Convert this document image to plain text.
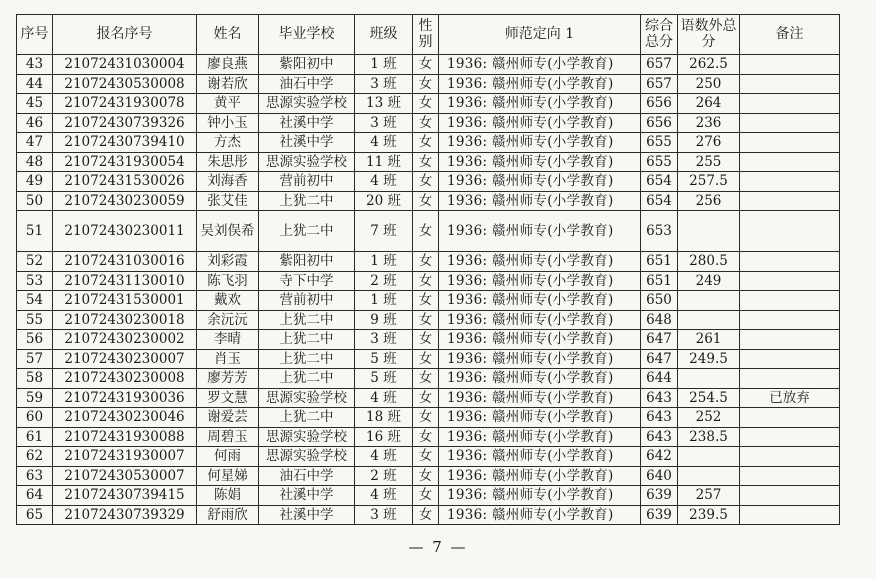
序号	报名序号	姓名	毕业学校	班级	性别	师范定向 1	综合总分	语数外总分	备注
43	21072431030004	廖良燕	紫阳初中	1 班	女	1936: 赣州师专(小学教育)	657	262.5	
44	21072430530008	谢若欣	油石中学	3 班	女	1936: 赣州师专(小学教育)	657	250	
45	21072431930078	黄平	思源实验学校	13 班	女	1936: 赣州师专(小学教育)	656	264	
46	21072430739326	钟小玉	社溪中学	3 班	女	1936: 赣州师专(小学教育)	656	236	
47	21072430739410	方杰	社溪中学	4 班	女	1936: 赣州师专(小学教育)	655	276	
48	21072431930054	朱思彤	思源实验学校	11 班	女	1936: 赣州师专(小学教育)	655	255	
49	21072431530026	刘海香	营前初中	4 班	女	1936: 赣州师专(小学教育)	654	257.5	
50	21072430230059	张艾佳	上犹二中	20 班	女	1936: 赣州师专(小学教育)	654	256	
51	21072430230011	吴刘俣希	上犹二中	7 班	女	1936: 赣州师专(小学教育)	653		
52	21072431030016	刘彩霞	紫阳初中	1 班	女	1936: 赣州师专(小学教育)	651	280.5	
53	21072431130010	陈飞羽	寺下中学	2 班	女	1936: 赣州师专(小学教育)	651	249	
54	21072431530001	戴欢	营前初中	1 班	女	1936: 赣州师专(小学教育)	650		
55	21072430230018	余沅沅	上犹二中	9 班	女	1936: 赣州师专(小学教育)	648		
56	21072430230002	李晴	上犹二中	3 班	女	1936: 赣州师专(小学教育)	647	261	
57	21072430230007	肖玉	上犹二中	5 班	女	1936: 赣州师专(小学教育)	647	249.5	
58	21072430230008	廖芳芳	上犹二中	5 班	女	1936: 赣州师专(小学教育)	644		
59	21072431930036	罗文慧	思源实验学校	4 班	女	1936: 赣州师专(小学教育)	643	254.5	已放弃
60	21072430230046	谢爱芸	上犹二中	18 班	女	1936: 赣州师专(小学教育)	643	252	
61	21072431930088	周碧玉	思源实验学校	16 班	女	1936: 赣州师专(小学教育)	643	238.5	
62	21072431930007	何雨	思源实验学校	4 班	女	1936: 赣州师专(小学教育)	642		
63	21072430530007	何星娣	油石中学	2 班	女	1936: 赣州师专(小学教育)	640		
64	21072430739415	陈娟	社溪中学	4 班	女	1936: 赣州师专(小学教育)	639	257	
65	21072430739329	舒雨欣	社溪中学	3 班	女	1936: 赣州师专(小学教育)	639	239.5	
— 7 —
